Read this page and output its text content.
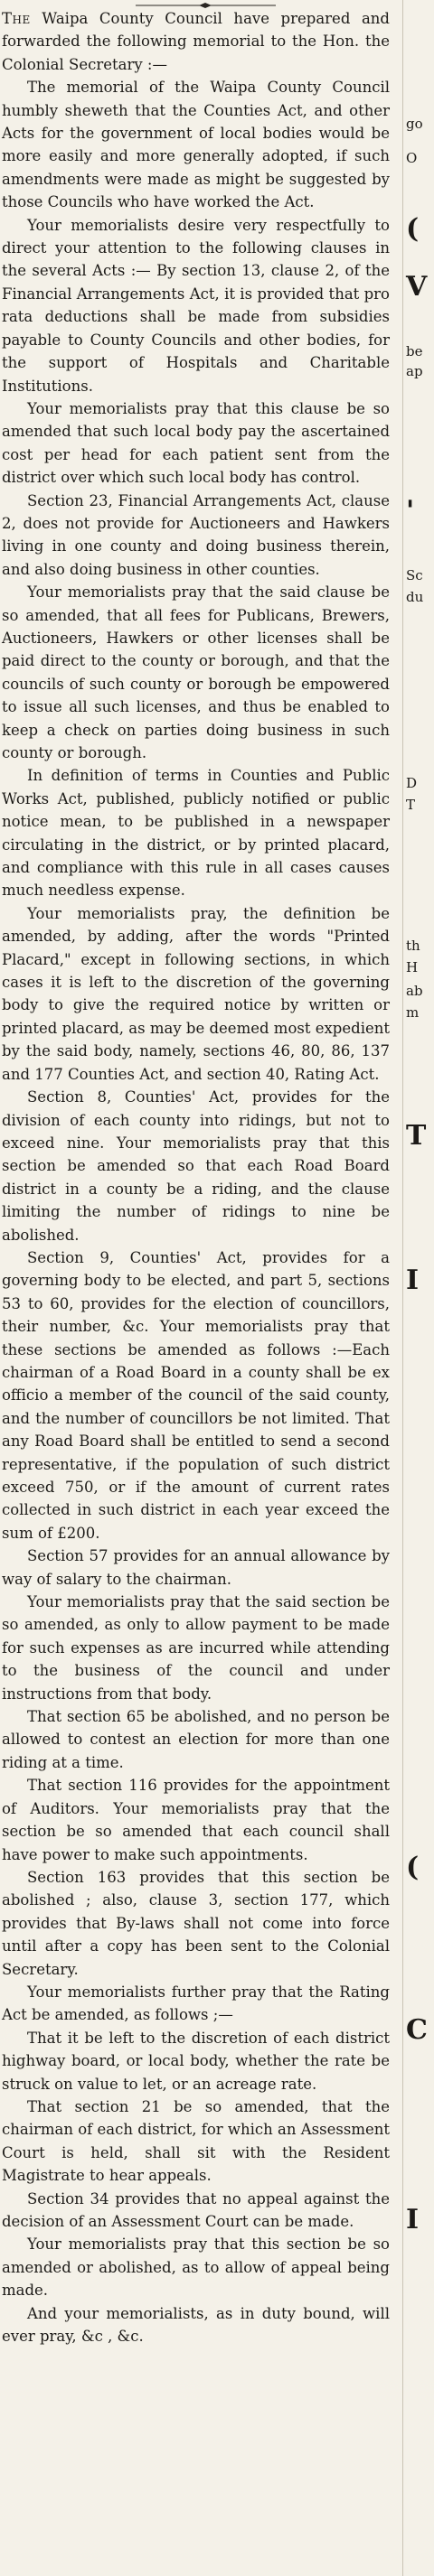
The Waipa County Council have prepared and forwarded the following memorial to the Hon. the Colonial Secretary :—

The memorial of the Waipa County Council humbly sheweth that the Counties Act, and other Acts for the government of local bodies would be more easily and more generally adopted, if such amendments were made as might be suggested by those Councils who have worked the Act.

Your memorialists desire very respectfully to direct your attention to the following clauses in the several Acts :— By section 13, clause 2, of the Financial Arrangements Act, it is provided that pro rata deductions shall be made from subsidies payable to County Councils and other bodies, for the support of Hospitals and Charitable Institutions.

Your memorialists pray that this clause be so amended that such local body pay the ascertained cost per head for each patient sent from the district over which such local body has control.

Section 23, Financial Arrangements Act, clause 2, does not provide for Auctioneers and Hawkers living in one county and doing business therein, and also doing business in other counties.

Your memorialists pray that the said clause be so amended, that all fees for Publicans, Brewers, Auctioneers, Hawkers or other licenses shall be paid direct to the county or borough, and that the councils of such county or borough be empowered to issue all such licenses, and thus be enabled to keep a check on parties doing business in such county or borough.

In definition of terms in Counties and Public Works Act, published, publicly notified or public notice mean, to be published in a newspaper circulating in the district, or by printed placard, and compliance with this rule in all cases causes much needless expense.

Your memorialists pray, the definition be amended, by adding, after the words "Printed Placard," except in following sections, in which cases it is left to the discretion of the governing body to give the required notice by written or printed placard, as may be deemed most expedient by the said body, namely, sections 46, 80, 86, 137 and 177 Counties Act, and section 40, Rating Act.

Section 8, Counties' Act, provides for the division of each county into ridings, but not to exceed nine. Your memorialists pray that this section be amended so that each Road Board district in a county be a riding, and the clause limiting the number of ridings to nine be abolished.

Section 9, Counties' Act, provides for a governing body to be elected, and part 5, sections 53 to 60, provides for the election of councillors, their number, &c. Your memorialists pray that these sections be amended as follows :—Each chairman of a Road Board in a county shall be ex officio a member of the council of the said county, and the number of councillors be not limited. That any Road Board shall be entitled to send a second representative, if the population of such district exceed 750, or if the amount of current rates collected in such district in each year exceed the sum of £200.

Section 57 provides for an annual allowance by way of salary to the chairman.

Your memorialists pray that the said section be so amended, as only to allow payment to be made for such expenses as are incurred while attending to the business of the council and under instructions from that body.

That section 65 be abolished, and no person be allowed to contest an election for more than one riding at a time.

That section 116 provides for the appointment of Auditors. Your memorialists pray that the section be so amended that each council shall have power to make such appointments.

Section 163 provides that this section be abolished ; also, clause 3, section 177, which provides that By-laws shall not come into force until after a copy has been sent to the Colonial Secretary.

Your memorialists further pray that the Rating Act be amended, as follows ;—

That it be left to the discretion of each district highway board, or local body, whether the rate be struck on value to let, or an acreage rate.

That section 21 be so amended, that the chairman of each district, for which an Assessment Court is held, shall sit with the Resident Magistrate to hear appeals.

Section 34 provides that no appeal against the decision of an Assessment Court can be made.

Your memorialists pray that this section be so amended or abolished, as to allow of appeal being made.

And your memorialists, as in duty bound, will ever pray, &c , &c.

go
O
(
V
be
ap
'
Sc
du
D
T
th
H
ab
m
T
I
(
C
I
